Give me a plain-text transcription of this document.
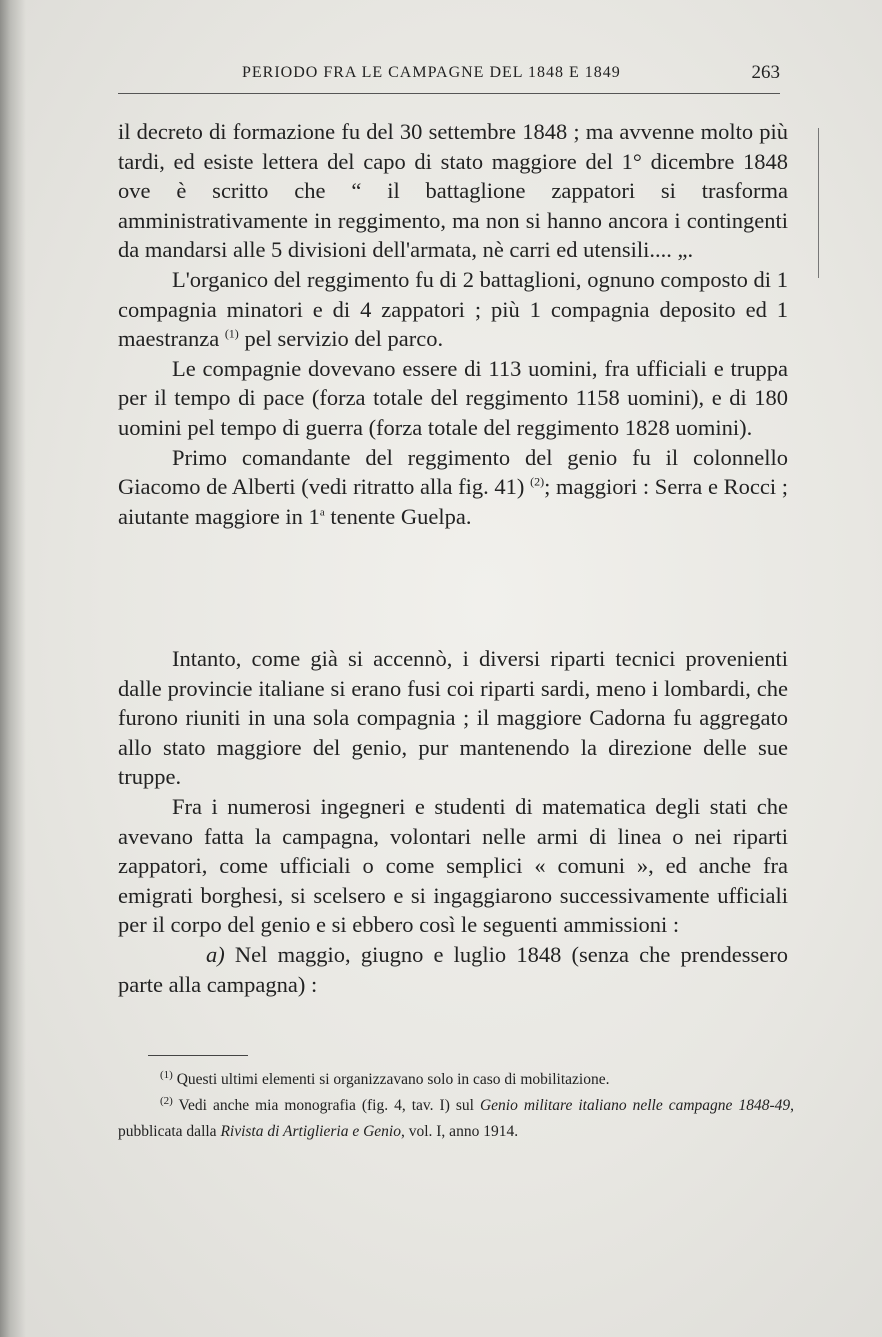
PERIODO FRA LE CAMPAGNE DEL 1848 E 1849	263

il decreto di formazione fu del 30 settembre 1848 ; ma avvenne molto più tardi, ed esiste lettera del capo di stato maggiore del 1° dicembre 1848 ove è scritto che “ il battaglione zappatori si trasforma amministrativamente in reggimento, ma non si hanno ancora i contingenti da mandarsi alle 5 divisioni dell'armata, nè carri ed utensili.... „.

L'organico del reggimento fu di 2 battaglioni, ognuno composto di 1 compagnia minatori e di 4 zappatori ; più 1 compagnia deposito ed 1 maestranza $^{(1)}$ pel servizio del parco.

Le compagnie dovevano essere di 113 uomini, fra ufficiali e truppa per il tempo di pace (forza totale del reggimento 1158 uomini), e di 180 uomini pel tempo di guerra (forza totale del reggimento 1828 uomini).

Primo comandante del reggimento del genio fu il colonnello Giacomo de Alberti (vedi ritratto alla fig. 41) $^{(2)}$; maggiori : Serra e Rocci ; aiutante maggiore in 1$^a$ tenente Guelpa.

Intanto, come già si accennò, i diversi riparti tecnici provenienti dalle provincie italiane si erano fusi coi riparti sardi, meno i lombardi, che furono riuniti in una sola compagnia ; il maggiore Cadorna fu aggregato allo stato maggiore del genio, pur mantenendo la direzione delle sue truppe.

Fra i numerosi ingegneri e studenti di matematica degli stati che avevano fatta la campagna, volontari nelle armi di linea o nei riparti zappatori, come ufficiali o come semplici « comuni », ed anche fra emigrati borghesi, si scelsero e si ingaggiarono successivamente ufficiali per il corpo del genio e si ebbero così le seguenti ammissioni :

a) Nel maggio, giugno e luglio 1848 (senza che prendessero parte alla campagna) :

$^{(1)}$ Questi ultimi elementi si organizzavano solo in caso di mobilitazione.

$^{(2)}$ Vedi anche mia monografia (fig. 4, tav. I) sul Genio militare italiano nelle campagne 1848-49, pubblicata dalla Rivista di Artiglieria e Genio, vol. I, anno 1914.
